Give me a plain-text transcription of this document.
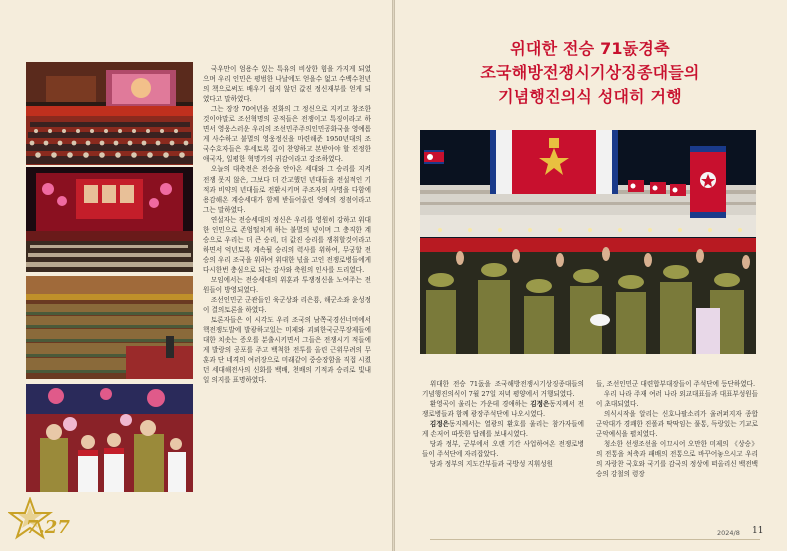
국우만이 엄용수 있는 특유의 비상한 힘을 가지게 되였으며 우리 인민은 평범한 나날에도 얻을수 없고 수백수천년의 책으로써도 배우기 쉽지 않던 값진 정신재부를 얻게 되였다고 말하였다.

그는 장장 70여년을 진화의 그 정신으로 지키고 창조한것이야말로 조선혁명의 공적들은 전쟁이고 특징이라고 하면서 영웅스러운 우리의 조선민주주의인민공화국을 영예롭게 사수하고 불멸의 영웅정신을 마련해준 1950년대의 조국수호자들은 후세토록 길이 찬양하고 본받아야 할 진정한 애국자, 일평한 혁명가의 귀감이라고 강조하였다.

오늘의 대축전은 전승을 안아온 세대와 그 승리를 지켜 전쟁 못지 않은, 그보다 더 간고했던 년대들을 전설적인 기적과 비약의 년대들로 전환시키며 주조자의 사명을 다함에 용감해온 계승세대가 함께 받들어올린 영예의 정점이라고 그는 말하였다.

연설자는 전승세대의 정신은 우리를 영원히 강하고 위대한 인민으로 존엄떨치게 하는 불멸의 넋이며 그 충직한 계승으로 우리는 더 큰 승리, 더 값진 승리를 쟁취할것이라고 하면서 억년토록 계속될 승리의 력사를 위하여, 무궁할 전승의 우리 조국을 위하여 위대한 넋을 고인 전쟁로병들에게 다시한번 충심으로 되는 감사와 축원의 인사를 드리였다.

모임에서는 전승세대의 위훈과 투쟁정신을 노여주는 전원들이 방영되였다.

조선인민군 군관들인 육군상좌 리은룡, 해군소좌 윤성정이 결의토론을 하였다.

토론자들은 이 시각도 우리 조국의 남쪽국경선너머에서 핵전쟁도발에 발광하고있는 미제와 괴뢰한국군무장제들에 대한 치솟는 증오를 분출시키면서 그들은 전쟁시기 적들에게 발랑의 공포를 주고 백척한 전투를 올린 근위무려의 무훈과 단 네격의 여러장으로 미래같이 중승장함을 직접 시켰던 세대해전사의 신화를 백배, 천배의 기적과 승리로 빛내일 의지를 표명하였다.

위대한 전승 71돐경축
조국해방전쟁시기상징종대들의
기념행진의식 성대히 거행

위대한 전승 71돐을 조국해방전쟁시기상징종대들의 기념행진의식이 7월 27일 저녁 평양에서 거행되였다.

환영곡이 울리는 가운데 경애하는 김정은동지께서 전쟁로병들과 함께 광장주석단에 나오시였다.

김정은동지께서는 열광의 환호를 울리는 참가자들에게 손저어 따뜻한 답례를 보내시였다.

당과 정부, 군부에서 오랜 기간 사업하여온 전쟁로병들이 주석단에 자리잡았다.

당과 정부의 지도간부들과 국방성 지휘성원

들, 조선인민군 대련합부대장들이 주석단에 등단하였다.

우리 나라 주재 여러 나라 외교대표들과 대표부성원들이 초대되였다.

의식시작을 알리는 신호나팔소리가 울려퍼지자 종합군악대가 경쾌한 진폴과 딱딱임는 풀통, 득랑있는 기교로 군악예식을 펼치였다.

청소한 선생조선을 이끄시어 오만한 미제의 《상승》의 전통을 처축과 패배의 전통으로 바꾸어놓으시고 우리의 자랑찬 국호와 국기를 감국의 정상에 떠올리신 백전백승의 강철의 령장

7.27	2024/8 11
